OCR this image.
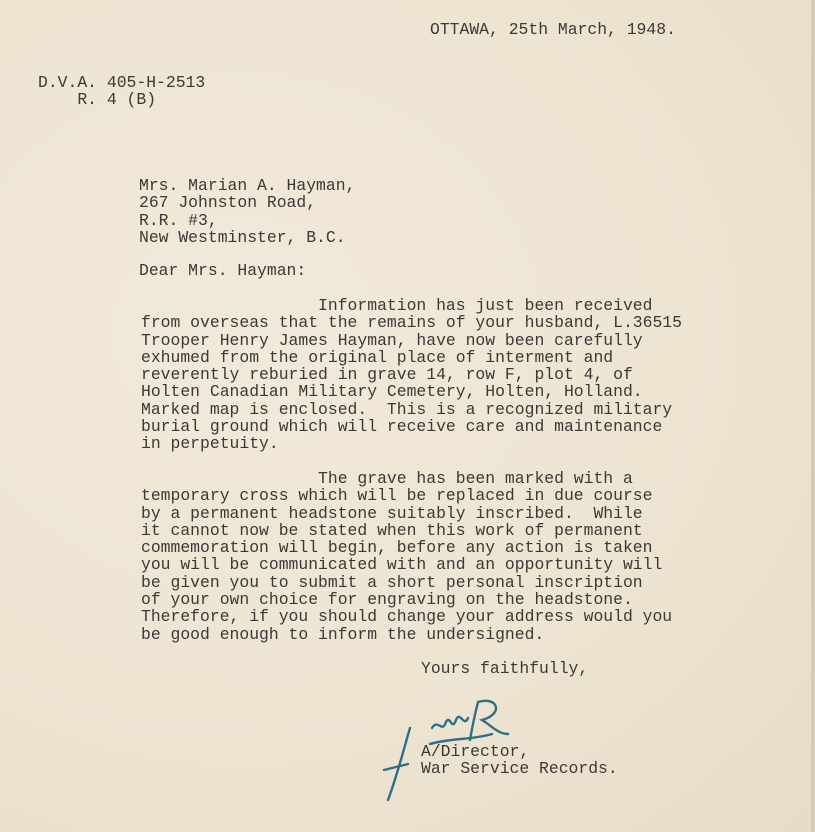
OTTAWA, 25th March, 1948.
D.V.A. 405-H-2513
R. 4 (B)
Mrs. Marian A. Hayman,
267 Johnston Road,
R.R. #3,
New Westminster, B.C.
Dear Mrs. Hayman:
Information has just been received
from overseas that the remains of your husband, L.36515
Trooper Henry James Hayman, have now been carefully
exhumed from the original place of interment and
reverently reburied in grave 14, row F, plot 4, of
Holten Canadian Military Cemetery, Holten, Holland.
Marked map is enclosed.  This is a recognized military
burial ground which will receive care and maintenance
in perpetuity.
The grave has been marked with a
temporary cross which will be replaced in due course
by a permanent headstone suitably inscribed.  While
it cannot now be stated when this work of permanent
commemoration will begin, before any action is taken
you will be communicated with and an opportunity will
be given you to submit a short personal inscription
of your own choice for engraving on the headstone.
Therefore, if you should change your address would you
be good enough to inform the undersigned.
Yours faithfully,
A/Director,
War Service Records.
